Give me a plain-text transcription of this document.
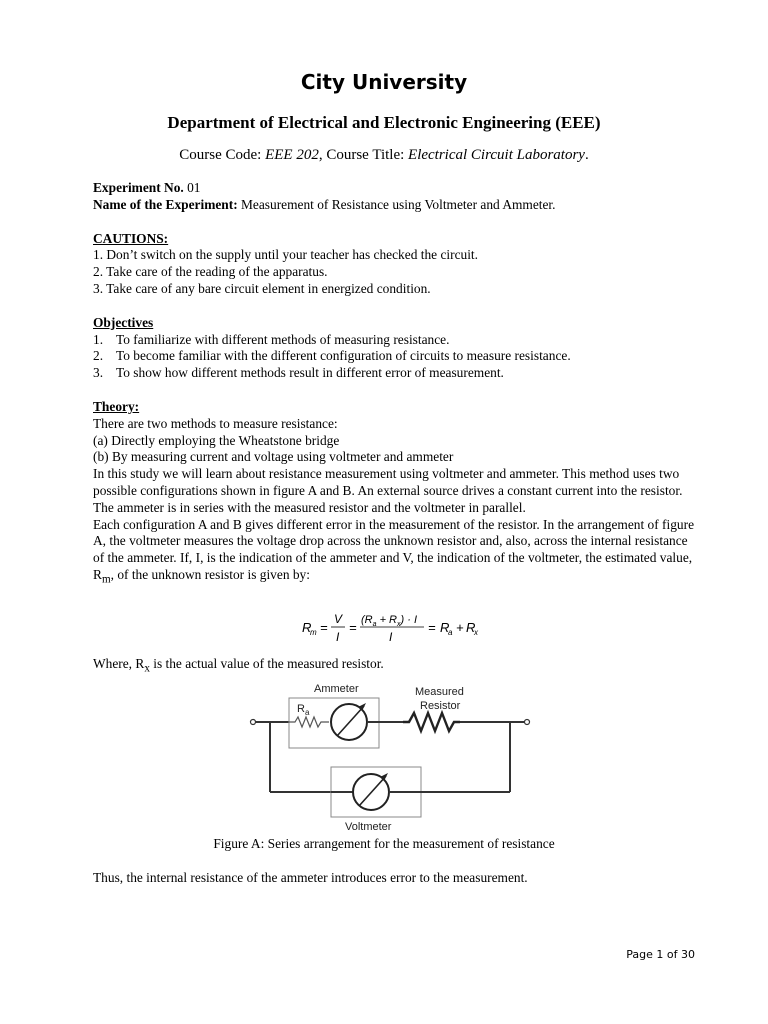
City University
Department of Electrical and Electronic Engineering (EEE)
Course Code: EEE 202, Course Title: Electrical Circuit Laboratory.

Experiment No. 01

Name of the Experiment: Measurement of Resistance using Voltmeter and Ammeter.

CAUTIONS:

1. Don’t switch on the supply until your teacher has checked the circuit.

2. Take care of the reading of the apparatus.

3. Take care of any bare circuit element in energized condition.

Objectives

1. To familiarize with different methods of measuring resistance.
2. To become familiar with the different configuration of circuits to measure resistance.
3. To show how different methods result in different error of measurement.

Theory:

There are two methods to measure resistance:

(a) Directly employing the Wheatstone bridge

(b) By measuring current and voltage using voltmeter and ammeter

In this study we will learn about resistance measurement using voltmeter and ammeter. This method uses two possible configurations shown in figure A and B. An external source drives a constant current into the resistor. The ammeter is in series with the measured resistor and the voltmeter in parallel.

Each configuration A and B gives different error in the measurement of the resistor. In the arrangement of figure A, the voltmeter measures the voltage drop across the unknown resistor and, also, across the internal resistance of the ammeter. If, I, is the indication of the ammeter and V, the indication of the voltmeter, the estimated value, $R_m$, of the unknown resistor is given by:

R
m =
V
I
= $(R_a + R_x) \cdot I$
I
= R
a + R
x
Where, $R_x$ is the actual value of the measured resistor.
Ammeter
$R_a$
Measured
Resistor
Voltmeter
Figure A: Series arrangement for the measurement of resistance
Thus, the internal resistance of the ammeter introduces error to the measurement.
Page 1 of 30
